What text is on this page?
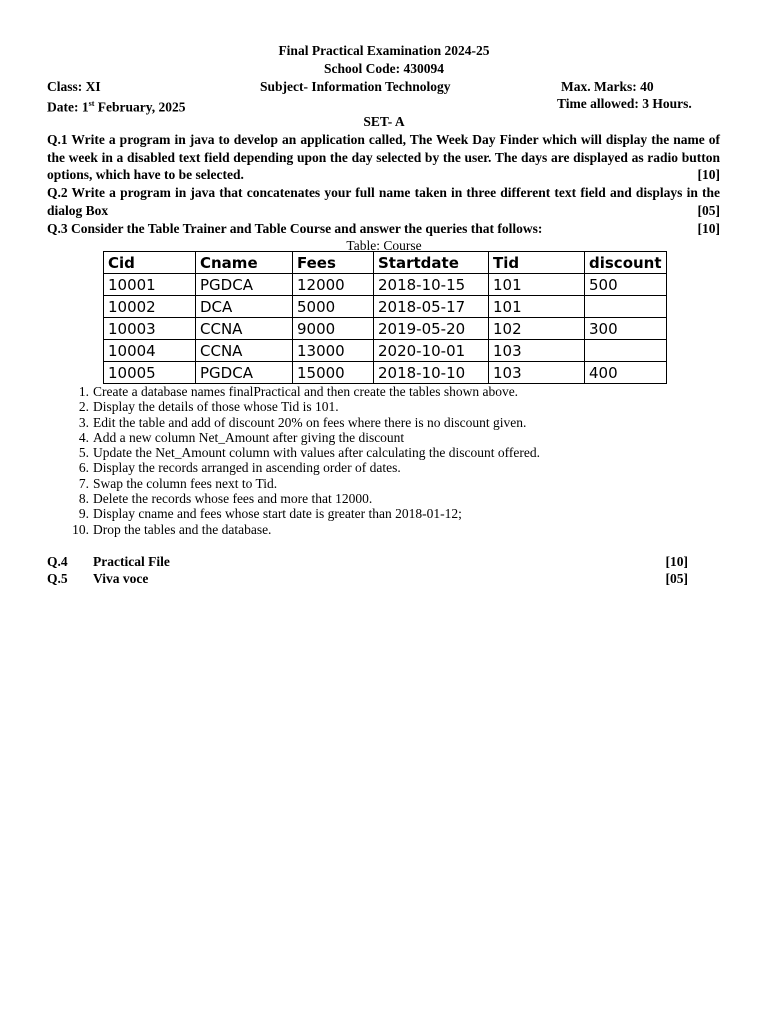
Final Practical Examination 2024-25
School Code: 430094
Class: XI	Subject- Information Technology	Max. Marks: 40
Date: 1st February, 2025	Time allowed: 3 Hours.
SET- A
Q.1 Write a program in java to develop an application called, The Week Day Finder which will display the name of the week in a disabled text field depending upon the day selected by the user. The days are displayed as radio button options, which have to be selected.	[10]
Q.2 Write a program in java that concatenates your full name taken in three different text field and displays in the dialog Box	[05]
Q.3 Consider the Table Trainer and Table Course and answer the queries that follows:	[10]
Table: Course
Cid	Cname	Fees	Startdate	Tid	discount
10001	PGDCA	12000	2018-10-15	101	500
10002	DCA	5000	2018-05-17	101	
10003	CCNA	9000	2019-05-20	102	300
10004	CCNA	13000	2020-10-01	103	
10005	PGDCA	15000	2018-10-10	103	400
1. Create a database names finalPractical and then create the tables shown above.
2. Display the details of those whose Tid is 101.
3. Edit the table and add of discount 20% on fees where there is no discount given.
4. Add a new column Net_Amount after giving the discount
5. Update the Net_Amount column with values after calculating the discount offered.
6. Display the records arranged in ascending order of dates.
7. Swap the column fees next to Tid.
8. Delete the records whose fees and more that 12000.
9. Display cname and fees whose start date is greater than 2018-01-12;
10. Drop the tables and the database.
Q.4 Practical File	[10]
Q.5 Viva voce	[05]
